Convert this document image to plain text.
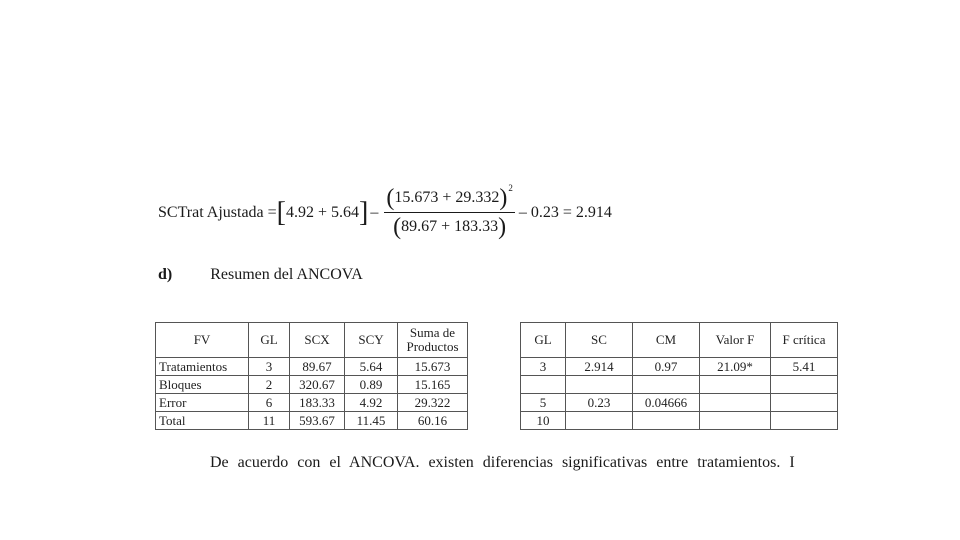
SCTrat Ajustada = [ 4.92 + 5.64 ] – $\frac{( 15.673 + 29.332 )^2}{( 89.67 + 183.33 )} - 0.23 = 2.914$
d) Resumen del ANCOVA
FV	GL	SCX	SCY	Suma de Productos
Tratamientos	3	89.67	5.64	15.673
Bloques	2	320.67	0.89	15.165
Error	6	183.33	4.92	29.322
Total	11	593.67	11.45	60.16
GL	SC	CM	Valor F	F crítica
3	2.914	0.97	21.09*	5.41

5	0.23	0.04666		
10				
De acuerdo con el ANCOVA. existen diferencias significativas entre tratamientos. I
